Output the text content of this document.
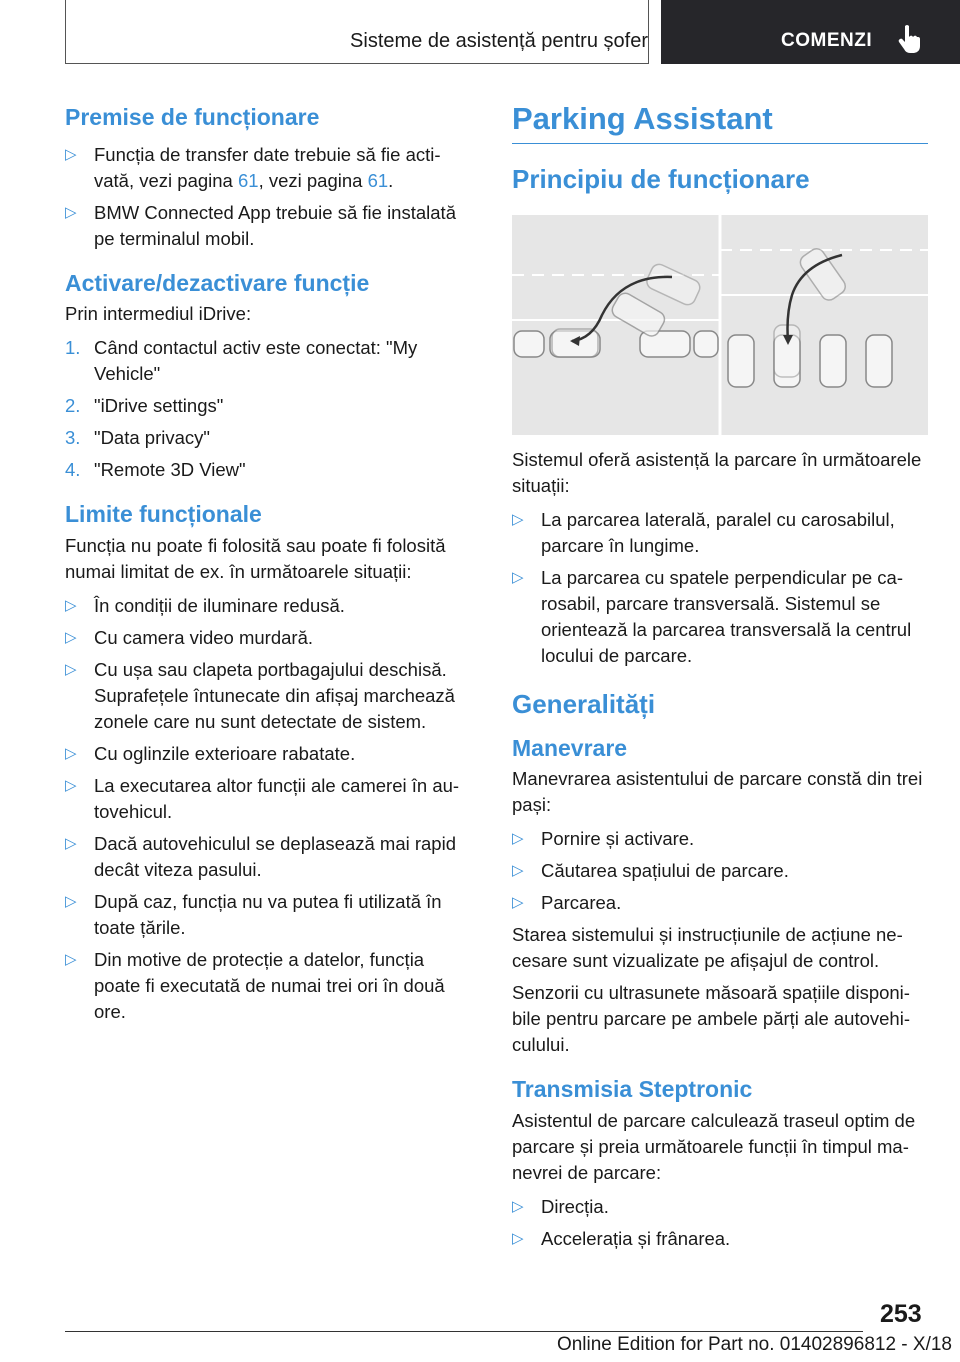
Sisteme de asistență pentru șofer	COMENZI
Premise de funcționare
▷ Funcția de transfer date trebuie să fie acti‐vată, vezi pagina 61, vezi pagina 61.
▷ BMW Connected App trebuie să fie instalată pe terminalul mobil.
Activare/dezactivare funcție

Prin intermediul iDrive:

1. Când contactul activ este conectat: "My Vehicle"
2. "iDrive settings"
3. "Data privacy"
4. "Remote 3D View"
Limite funcționale

Funcția nu poate fi folosită sau poate fi folosită numai limitat de ex. în următoarele situații:

▷ În condiții de iluminare redusă.
▷ Cu camera video murdară.
▷ Cu ușa sau clapeta portbagajului deschisă. Suprafețele întunecate din afișaj marchează zonele care nu sunt detectate de sistem.
▷ Cu oglinzile exterioare rabatate.
▷ La executarea altor funcții ale camerei în au‐tovehicul.
▷ Dacă autovehiculul se deplasează mai rapid decât viteza pasului.
▷ După caz, funcția nu va putea fi utilizată în toate țările.
▷ Din motive de protecție a datelor, funcția poate fi executată de numai trei ori în două ore.
Parking Assistant
Principiu de funcționare

Sistemul oferă asistență la parcare în următoarele situații:

▷ La parcarea laterală, paralel cu carosabilul, parcare în lungime.
▷ La parcarea cu spatele perpendicular pe ca‐rosabil, parcare transversală. Sistemul se orientează la parcarea transversală la centrul locului de parcare.
Generalități
Manevrare

Manevrarea asistentului de parcare constă din trei pași:

▷ Pornire și activare.
▷ Căutarea spațiului de parcare.
▷ Parcarea.

Starea sistemului și instrucțiunile de acțiune ne‐cesare sunt vizualizate pe afișajul de control.

Senzorii cu ultrasunete măsoară spațiile disponi‐bile pentru parcare pe ambele părți ale autovehi‐culului.

Transmisia Steptronic

Asistentul de parcare calculează traseul optim de parcare și preia următoarele funcții în timpul ma‐nevrei de parcare:

▷ Direcția.
▷ Accelerația și frânarea.
253
Online Edition for Part no. 01402896812 - X/18
